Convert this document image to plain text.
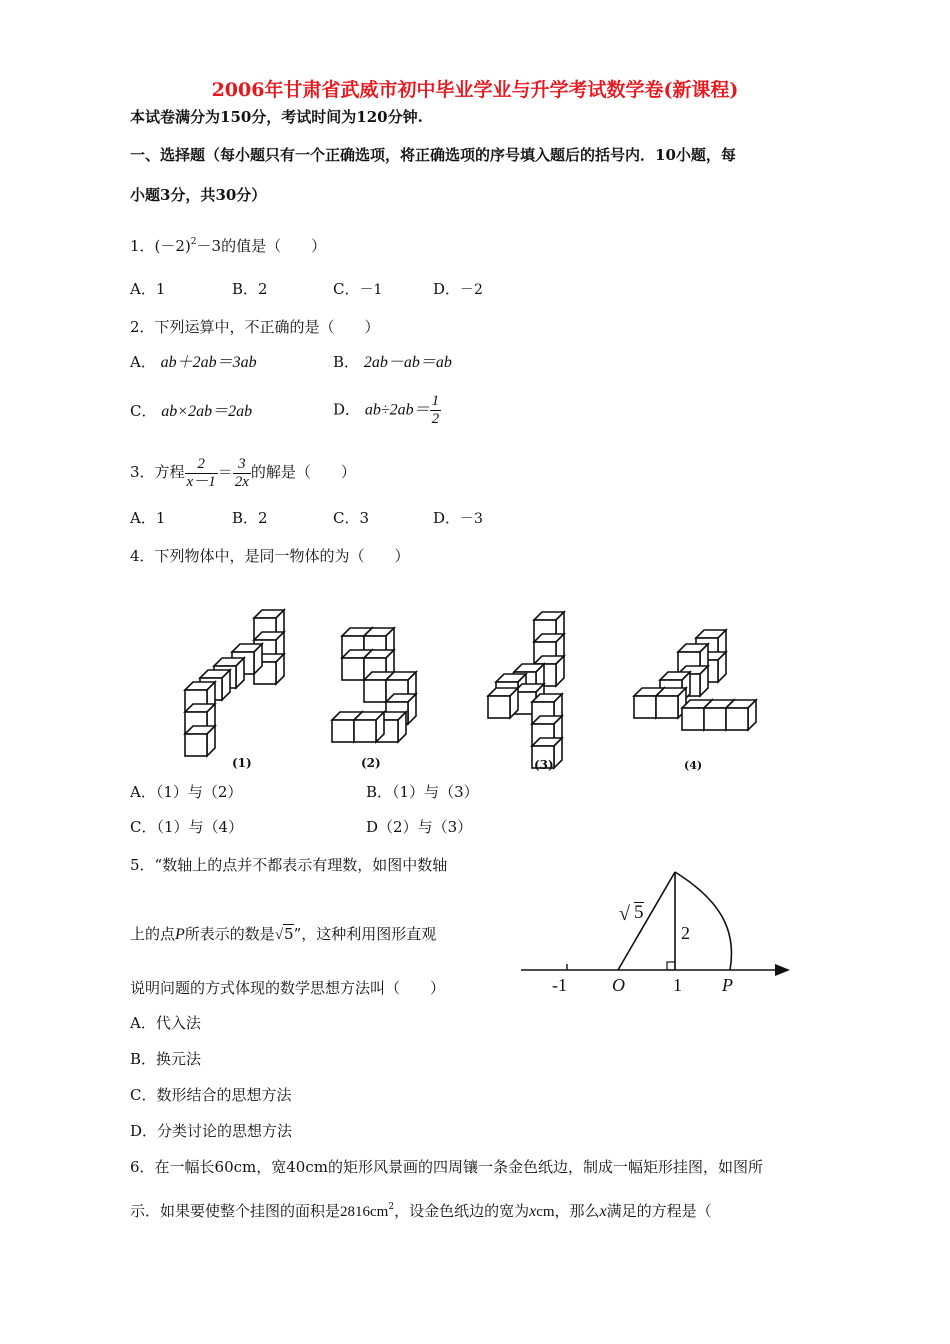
2006年甘肃省武威市初中毕业学业与升学考试数学卷(新课程)
本试卷满分为150分，考试时间为120分钟.
一、选择题（每小题只有一个正确选项，将正确选项的序号填入题后的括号内．10小题，每
小题3分，共30分）
1．$(-2)^2-3$的值是（　　）
A．1	B．2	C．－1	D．－2
2．下列运算中，不正确的是（　　）
A． ab＋2ab＝3ab	B． 2ab－ab＝ab
C． ab×2ab＝2ab	D． $ab\div 2ab= \frac{1}{2}$
3．方程 $\frac{2}{x-1} = \frac{3}{2x}$ 的解是（　　）
A．1	B．2	C．3	D．－3
4．下列物体中，是同一物体的为（　　）
(1)	(2)	(3)	(4)
A．（1）与（2）	B．（1）与（3）
C．（1）与（4）	D（2）与（3）
5．“数轴上的点并不都表示有理数，如图中数轴
上的点P所表示的数是√5”，这种利用图形直观
说明问题的方式体现的数学思想方法叫（　　）
A．代入法
B．换元法
C．数形结合的思想方法
D．分类讨论的思想方法
√ 5
2
-1	O	1 P
6．在一幅长60cm，宽40cm的矩形风景画的四周镶一条金色纸边，制成一幅矩形挂图，如图所
示．如果要使整个挂图的面积是$2816cm^2$，设金色纸边的宽为xcm，那么x满足的方程是（
